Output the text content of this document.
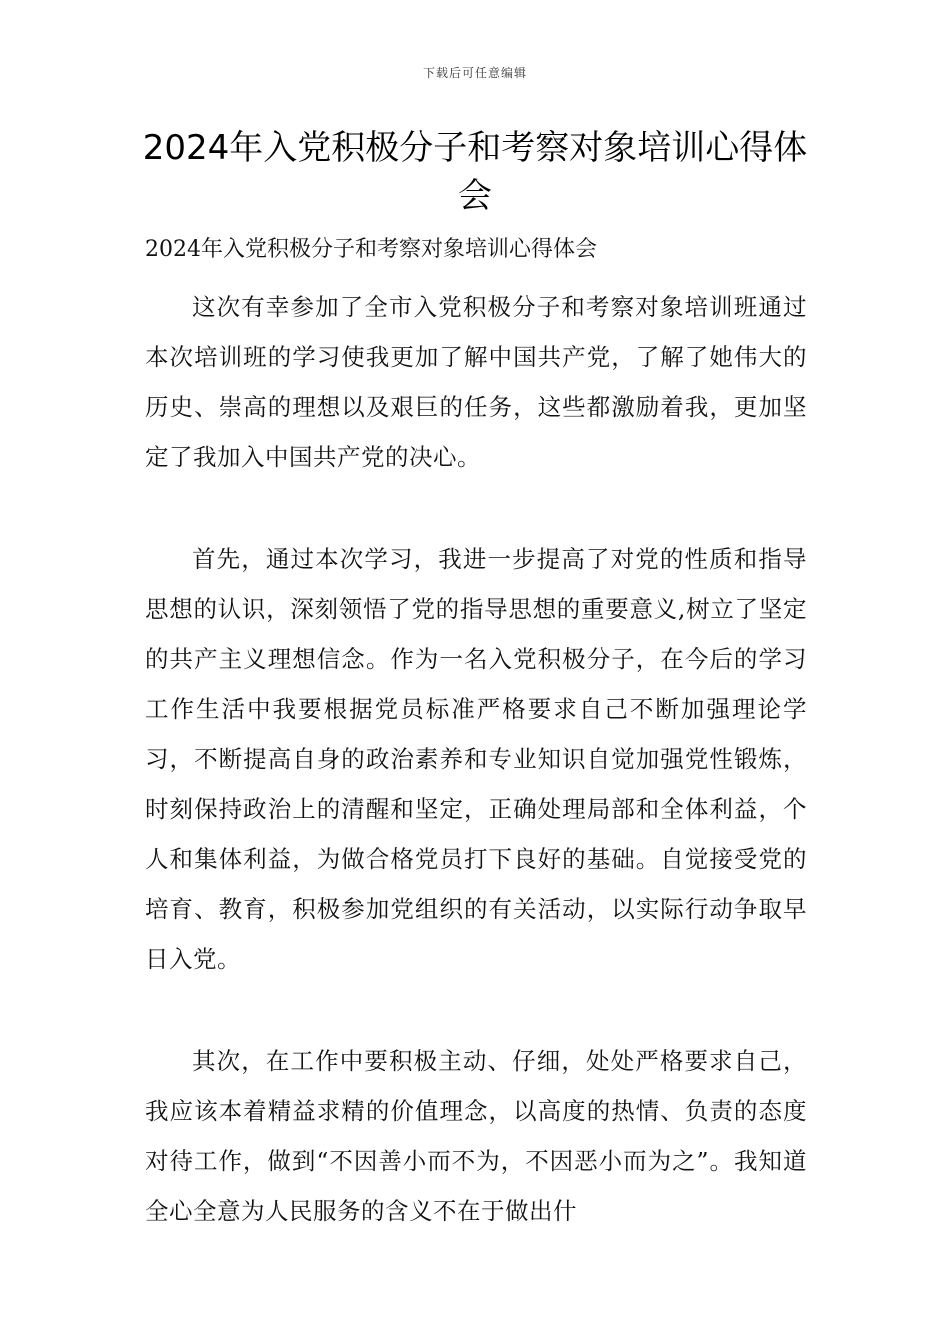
下载后可任意编辑
2024年入党积极分子和考察对象培训心得体会

2024年入党积极分子和考察对象培训心得体会

这次有幸参加了全市入党积极分子和考察对象培训班通过本次培训班的学习使我更加了解中国共产党，了解了她伟大的历史、崇高的理想以及艰巨的任务，这些都激励着我，更加坚定了我加入中国共产党的决心。

首先，通过本次学习，我进一步提高了对党的性质和指导思想的认识，深刻领悟了党的指导思想的重要意义,树立了坚定的共产主义理想信念。作为一名入党积极分子，在今后的学习工作生活中我要根据党员标准严格要求自己不断加强理论学习，不断提高自身的政治素养和专业知识自觉加强党性锻炼，时刻保持政治上的清醒和坚定，正确处理局部和全体利益，个人和集体利益，为做合格党员打下良好的基础。自觉接受党的培育、教育，积极参加党组织的有关活动，以实际行动争取早日入党。

其次，在工作中要积极主动、仔细，处处严格要求自己，我应该本着精益求精的价值理念，以高度的热情、负责的态度对待工作，做到“不因善小而不为，不因恶小而为之”。我知道全心全意为人民服务的含义不在于做出什
